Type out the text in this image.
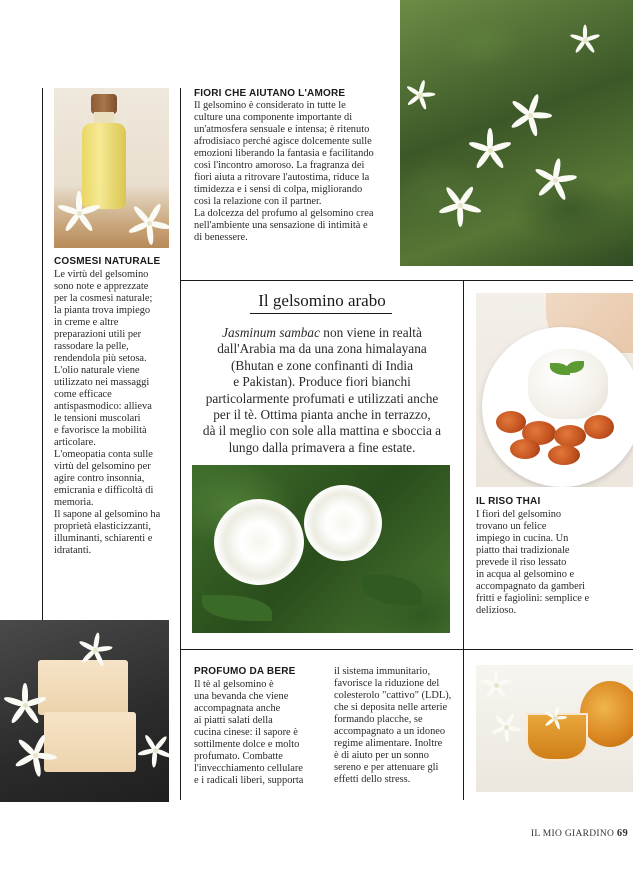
COSMESI NATURALE
Le virtù del gelsomino
sono note e apprezzate
per la cosmesi naturale;
la pianta trova impiego
in creme e altre
preparazioni utili per
rassodare la pelle,
rendendola più setosa.
L'olio naturale viene
utilizzato nei massaggi
come efficace
antispasmodico: allieva
le tensioni muscolari
e favorisce la mobilità
articolare.
L'omeopatia conta sulle
virtù del gelsomino per
agire contro insonnia,
emicrania e difficoltà di
memoria.
Il sapone al gelsomino ha
proprietà elasticizzanti,
illuminanti, schiarenti e
idratanti.
FIORI CHE AIUTANO L'AMORE
Il gelsomino è considerato in tutte le
culture una componente importante di
un'atmosfera sensuale e intensa; è ritenuto
afrodisiaco perché agisce dolcemente sulle
emozioni liberando la fantasia e facilitando
così l'incontro amoroso. La fragranza dei
fiori aiuta a ritrovare l'autostima, riduce la
timidezza e i sensi di colpa, migliorando
così la relazione con il partner.
La dolcezza del profumo al gelsomino crea
nell'ambiente una sensazione di intimità e
di benessere.
Il gelsomino arabo
Jasminum sambac non viene in realtà
dall'Arabia ma da una zona himalayana
(Bhutan e zone confinanti di India
e Pakistan). Produce fiori bianchi
particolarmente profumati e utilizzati anche
per il tè. Ottima pianta anche in terrazzo,
dà il meglio con sole alla mattina e sboccia a
lungo dalla primavera a fine estate.
IL RISO THAI
I fiori del gelsomino
trovano un felice
impiego in cucina. Un
piatto thai tradizionale
prevede il riso lessato
in acqua al gelsomino e
accompagnato da gamberi
fritti e fagiolini: semplice e
delizioso.
PROFUMO DA BERE
Il tè al gelsomino è
una bevanda che viene
accompagnata anche
ai piatti salati della
cucina cinese: il sapore è
sottilmente dolce e molto
profumato. Combatte
l'invecchiamento cellulare
e i radicali liberi, supporta
il sistema immunitario,
favorisce la riduzione del
colesterolo "cattivo" (LDL),
che si deposita nelle arterie
formando placche, se
accompagnato a un idoneo
regime alimentare. Inoltre
è di aiuto per un sonno
sereno e per attenuare gli
effetti dello stress.
IL MIO GIARDINO 69
